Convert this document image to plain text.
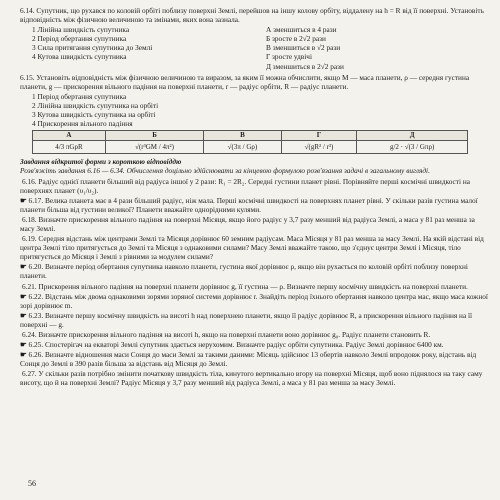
6.14. Супутник, що рухався по коловій орбіті поблизу поверхні Землі, перейшов на іншу колову орбіту, віддалену на h = R від її поверхні. Установіть відповідність між фізичною величиною та змінами, яких вона зазнала.

1 Лінійна швидкість супутника
2 Період обертання супутника
3 Сила притягання супутника до Землі
4 Кутова швидкість супутника
А зменшиться в 4 рази
Б зросте в 2√2 рази
В зменшиться в √2 рази
Г зросте удвічі
Д зменшиться в 2√2 рази

6.15. Установіть відповідність між фізичною величиною та виразом, за яким її можна обчислити, якщо M — маса планети, ρ — середня густина планети, g — прискорення вільного падіння на поверхні планети, r — радіус орбіти, R — радіус планети.

1 Період обертання супутника
2 Лінійна швидкість супутника на орбіті
3 Кутова швидкість супутника на орбіті
4 Прискорення вільного падіння
А	Б	В	Г	Д
4/3 πGρR	√(r³GM / 4π²)	√(3π / Gρ)	√(gR² / r³)	g/2 · √(3 / Gπρ)
Завдання відкритої форми з короткою відповіддю
Розв'яжіть завдання 6.16 — 6.34. Обчислення доцільно здійснювати за кінцевою формулою розв'язання задачі в загальному вигляді.

6.16. Радіус однієї планети більший від радіуса іншої у 2 рази: R₁ = 2R₂. Середні густини планет рівні. Порівняйте перші космічні швидкості на поверхнях планет (υ₁/υ₂).

☛ 6.17. Велика планета має в 4 рази більший радіус, ніж мала. Перші космічні швидкості на поверхнях планет рівні. У скільки разів густина малої планети більша від густини великої? Планети вважайте однорідними кулями.

6.18. Визначте прискорення вільного падіння на поверхні Місяця, якщо його радіус у 3,7 разу менший від радіуса Землі, а маса у 81 раз менша за масу Землі.

6.19. Середня відстань між центрами Землі та Місяця дорівнює 60 земним радіусам. Маса Місяця у 81 раз менша за масу Землі. На якій відстані від центра Землі тіло притягується до Землі та Місяця з однаковими силами? Масу Землі вважайте такою, що з'єднує центри Землі і Місяця, тіло притягується до Місяця і Землі з рівними за модулем силами?

☛ 6.20. Визначте період обертання супутника навколо планети, густина якої дорівнює ρ, якщо він рухається по коловій орбіті поблизу поверхні планети.

6.21. Прискорення вільного падіння на поверхні планети дорівнює g, її густина — ρ. Визначте першу космічну швидкість на поверхні планети.

☛ 6.22. Відстань між двома однаковими зорями зоряної системи дорівнює r. Знайдіть період їхнього обертання навколо центра мас, якщо маса кожної зорі дорівнює m.

☛ 6.23. Визначте першу космічну швидкість на висоті h над поверхнею планети, якщо її радіус дорівнює R, а прискорення вільного падіння на її поверхні — g.

6.24. Визначте прискорення вільного падіння на висоті h, якщо на поверхні планети воно дорівнює g₀. Радіус планети становить R.

☛ 6.25. Спостерігач на екваторі Землі супутник здається нерухомим. Визначте радіус орбіти супутника. Радіус Землі дорівнює 6400 км.

☛ 6.26. Визначте відношення маси Сонця до маси Землі за такими даними: Місяць здійснює 13 обертів навколо Землі впродовж року, відстань від Сонця до Землі в 390 разів більша за відстань від Місяця до Землі.

6.27. У скільки разів потрібно змінити початкову швидкість тіла, кинутого вертикально вгору на поверхні Місяця, щоб воно піднялося на таку саму висоту, що й на поверхні Землі? Радіус Місяця у 3,7 разу менший від радіуса Землі, а маса у 81 раз менша за масу Землі.

56
